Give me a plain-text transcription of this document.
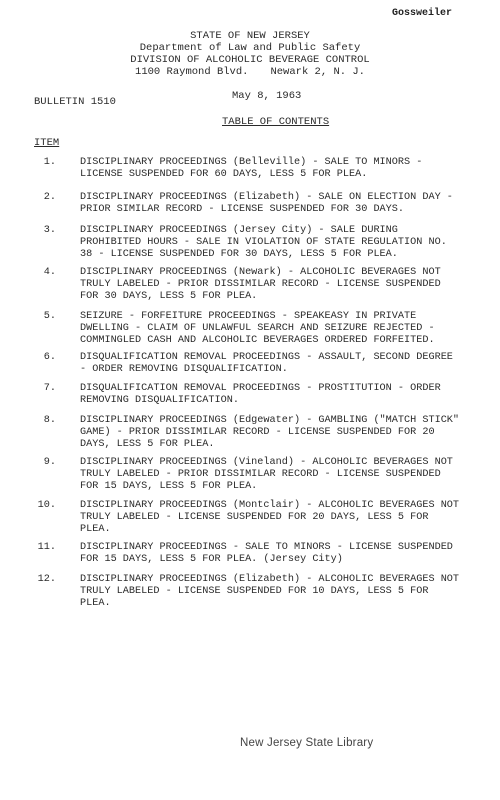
Gossweiler
STATE OF NEW JERSEY
Department of Law and Public Safety
DIVISION OF ALCOHOLIC BEVERAGE CONTROL
1100 Raymond Blvd. Newark 2, N. J.
May 8, 1963
BULLETIN 1510
TABLE OF CONTENTS
ITEM
1. DISCIPLINARY PROCEEDINGS (Belleville) - SALE TO MINORS - LICENSE SUSPENDED FOR 60 DAYS, LESS 5 FOR PLEA.
2. DISCIPLINARY PROCEEDINGS (Elizabeth) - SALE ON ELECTION DAY - PRIOR SIMILAR RECORD - LICENSE SUSPENDED FOR 30 DAYS.
3. DISCIPLINARY PROCEEDINGS (Jersey City) - SALE DURING PROHIBITED HOURS - SALE IN VIOLATION OF STATE REGULATION NO. 38 - LICENSE SUSPENDED FOR 30 DAYS, LESS 5 FOR PLEA.
4. DISCIPLINARY PROCEEDINGS (Newark) - ALCOHOLIC BEVERAGES NOT TRULY LABELED - PRIOR DISSIMILAR RECORD - LICENSE SUSPENDED FOR 30 DAYS, LESS 5 FOR PLEA.
5. SEIZURE - FORFEITURE PROCEEDINGS - SPEAKEASY IN PRIVATE DWELLING - CLAIM OF UNLAWFUL SEARCH AND SEIZURE REJECTED - COMMINGLED CASH AND ALCOHOLIC BEVERAGES ORDERED FORFEITED.
6. DISQUALIFICATION REMOVAL PROCEEDINGS - ASSAULT, SECOND DEGREE - ORDER REMOVING DISQUALIFICATION.
7. DISQUALIFICATION REMOVAL PROCEEDINGS - PROSTITUTION - ORDER REMOVING DISQUALIFICATION.
8. DISCIPLINARY PROCEEDINGS (Edgewater) - GAMBLING ("MATCH STICK" GAME) - PRIOR DISSIMILAR RECORD - LICENSE SUSPENDED FOR 20 DAYS, LESS 5 FOR PLEA.
9. DISCIPLINARY PROCEEDINGS (Vineland) - ALCOHOLIC BEVERAGES NOT TRULY LABELED - PRIOR DISSIMILAR RECORD - LICENSE SUSPENDED FOR 15 DAYS, LESS 5 FOR PLEA.
10. DISCIPLINARY PROCEEDINGS (Montclair) - ALCOHOLIC BEVERAGES NOT TRULY LABELED - LICENSE SUSPENDED FOR 20 DAYS, LESS 5 FOR PLEA.
11. DISCIPLINARY PROCEEDINGS - SALE TO MINORS - LICENSE SUSPENDED FOR 15 DAYS, LESS 5 FOR PLEA. (Jersey City)
12. DISCIPLINARY PROCEEDINGS (Elizabeth) - ALCOHOLIC BEVERAGES NOT TRULY LABELED - LICENSE SUSPENDED FOR 10 DAYS, LESS 5 FOR PLEA.
New Jersey State Library
